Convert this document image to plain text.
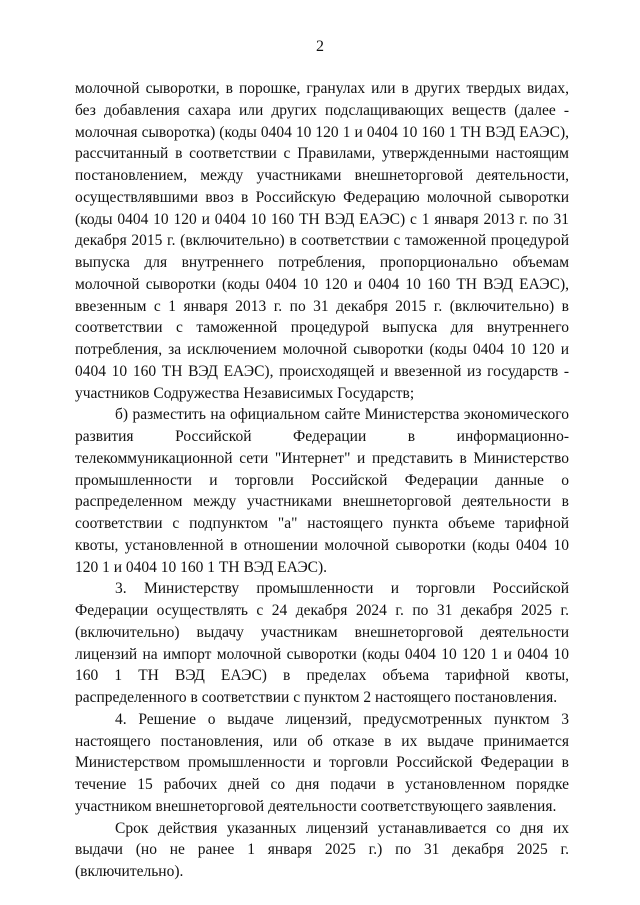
2

молочной сыворотки, в порошке, гранулах или в других твердых видах, без добавления сахара или других подслащивающих веществ (далее - молочная сыворотка) (коды 0404 10 120 1 и 0404 10 160 1 ТН ВЭД ЕАЭС), рассчитанный в соответствии с Правилами, утвержденными настоящим постановлением, между участниками внешнеторговой деятельности, осуществлявшими ввоз в Российскую Федерацию молочной сыворотки (коды 0404 10 120 и 0404 10 160 ТН ВЭД ЕАЭС) с 1 января 2013 г. по 31 декабря 2015 г. (включительно) в соответствии с таможенной процедурой выпуска для внутреннего потребления, пропорционально объемам молочной сыворотки (коды 0404 10 120 и 0404 10 160 ТН ВЭД ЕАЭС), ввезенным с 1 января 2013 г. по 31 декабря 2015 г. (включительно) в соответствии с таможенной процедурой выпуска для внутреннего потребления, за исключением молочной сыворотки (коды 0404 10 120 и 0404 10 160 ТН ВЭД ЕАЭС), происходящей и ввезенной из государств - участников Содружества Независимых Государств;

б) разместить на официальном сайте Министерства экономического развития Российской Федерации в информационно-телекоммуникационной сети "Интернет" и представить в Министерство промышленности и торговли Российской Федерации данные о распределенном между участниками внешнеторговой деятельности в соответствии с подпунктом "а" настоящего пункта объеме тарифной квоты, установленной в отношении молочной сыворотки (коды 0404 10 120 1 и 0404 10 160 1 ТН ВЭД ЕАЭС).

3. Министерству промышленности и торговли Российской Федерации осуществлять с 24 декабря 2024 г. по 31 декабря 2025 г. (включительно) выдачу участникам внешнеторговой деятельности лицензий на импорт молочной сыворотки (коды 0404 10 120 1 и 0404 10 160 1 ТН ВЭД ЕАЭС) в пределах объема тарифной квоты, распределенного в соответствии с пунктом 2 настоящего постановления.

4. Решение о выдаче лицензий, предусмотренных пунктом 3 настоящего постановления, или об отказе в их выдаче принимается Министерством промышленности и торговли Российской Федерации в течение 15 рабочих дней со дня подачи в установленном порядке участником внешнеторговой деятельности соответствующего заявления.

Срок действия указанных лицензий устанавливается со дня их выдачи (но не ранее 1 января 2025 г.) по 31 декабря 2025 г. (включительно).
